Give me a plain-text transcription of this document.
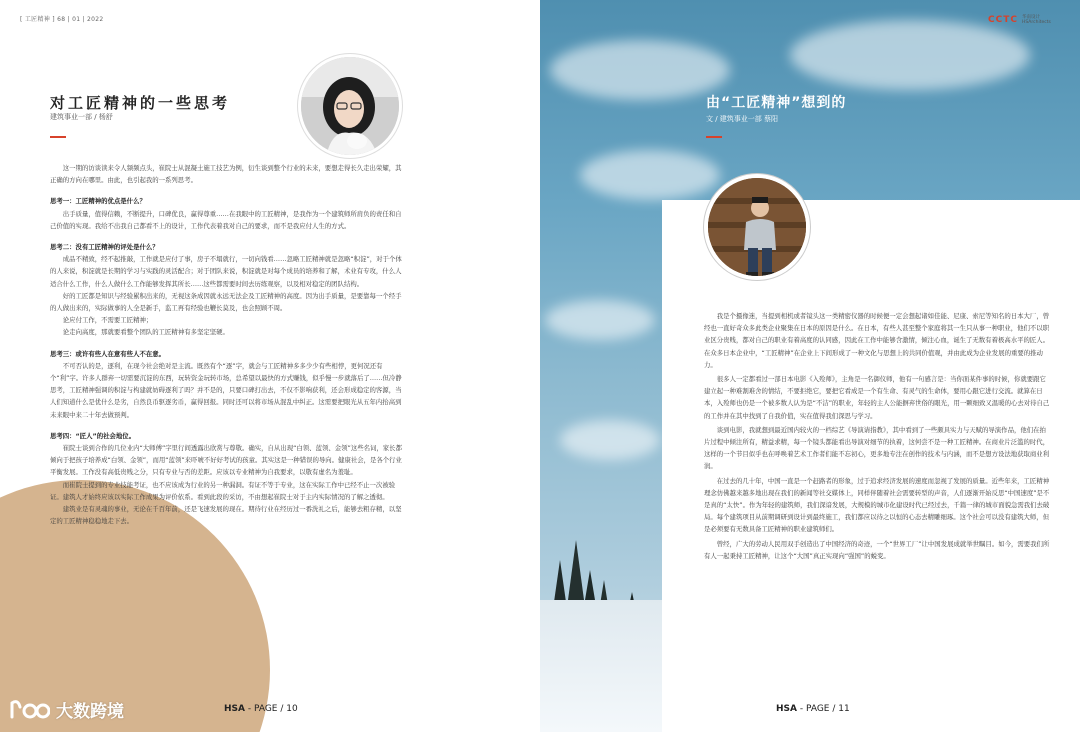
[ 工匠精神 ] 68 | 01 | 2022
对工匠精神的一些思考
建筑事业一部 / 杨舒

这一期的访谈读来令人频频点头，崔院士从混凝土施工技艺为例，衍生谈到整个行业的未来，要想走得长久走出荣耀，其正确的方向在哪里。由此，也引起我的一系列思考。

思考一：工匠精神的优点是什么？

出手质量，值得信赖，不断提升，口碑优良，赢得尊重……在我眼中的工匠精神，是我作为一个建筑师所肩负的责任和自己价值的实现。我给不出我自己都看不上的设计，工作代表着我对自己的要求，而不是我应付人生的方式。

思考二：没有工匠精神的评处是什么？

成品不精致，经不起推敲，工作就是应付了事，房子不塌就行，一切向钱看……忽略工匠精神就是忽略“积淀”，对于个体的人来说，积淀就是长期的学习与实践的灵活配合；对于团队来说，积淀就是对每个成员的培养和了解，术业有专攻，什么人适合什么工作，什么人做什么工作能够发挥其所长……这些都需要时间去历练观察，以及相对稳定的团队结构。

好的工匠都是知识与经验累积出来的，无视这条成因就永远无法企及工匠精神的高度。因为出手质量，是要靠每一个经手的人做出来的，实际做事的人全是新手，监工再有经验也鞭长莫及，也会照顾不周。

论应付工作，不需要工匠精神；

论走向高度，那就要看整个团队的工匠精神有多坚定坚硬。

思考三：或许有些人在意有些人不在意。

不可否认的是，逐利，在现今社会绝对是主流。既然有个“逐”字，就会与工匠精神多多少少有些相悖，更何况还有个“利”字。许多人群弃一切需要沉淀的东西，玩转资金玩转市场，总希望以最快的方式赚钱，似乎慢一步就落后了……但冷静思考，工匠精神强调的积淀与构建就妨碍逐利了吗？并不是的，只要口碑打出去，不仅不影响获利，还会形成稳定的客源，当人们知道什么是优什么是劣，自然良币驱逐劣币，赢得回报。同时还可以将市场从混乱中纠正。这需要把眼光从五年内抬高到未来眼中来二十年去做预判。

思考四：“匠人”的社会地位。

崔院士谈到合作的几位业内“大师傅”字里行间透露出欣赏与尊敬。确实，自从出现“白领、蓝领、金领”这些名词，家长都倾向于把孩子培养成“白领、金领”，而用“蓝领”来吓唬不好好考试的孩童。其实这是一种错误的导向。健康社会，是各个行业平衡发展。工作没有高低贵贱之分，只有专业与否的差距。应该以专业精神为自我要求，以敬有虚名为羞耻。

而崔院士提到的专业技能考证，也不应该成为行业的另一种漏洞。有证不等于专业，这在实际工作中已经不止一次被验证。建筑人才始终应该以实际工作成果为评价依系。看到此段的采访，不由想起崔院士对于主内实际情况的了解之透彻。

建筑业是有灵魂的事业，无论在千百年前，还是飞速发展的现在。期待行业在经历过一番洗礼之后，能够去粗存精，以坚定的工匠精神稳稳地走下去。

HSA - PAGE / 10
大数跨境
CCTC 华南设计
HSArchitects
由“工匠精神”想到的
文 / 建筑事业一部 蔡阳

我是个摄像迷，当提到相机或者镜头这一类精密仪器的时候便一定会想起诸如佳能、尼康、索尼等知名的日本大厂，曾经也一直好奇众多此类企业聚集在日本的原因是什么。在日本，有些人甚至整个家庭将其一生只从事一种职业，他们不以职业区分贵贱，都对自己的职业有着高度的认同感，因此在工作中能够含激情，倾注心血，诞生了无数有着极高水平的匠人。在众多日本企业中，“工匠精神”在企业上下间形成了一种文化与思想上的共同价值观，并由此成为企业发展的重要的推动力。

很多人一定都看过一部日本电影《入殓师》，主角是一名御仪师，他有一句感言是：当你面某件事的时候，你就要跟它建立起一种难割难舍的情结，不要拒绝它，要把它看成是一个有生命、有灵气的生命体，要用心跟它进行交流。就算在日本，入殓师也仍是一个被多数人认为是“不洁”的职业，年轻的主人公能摒弃世俗的眼光，用一颗细致又温暖的心去对待自己的工作并在其中找到了自我价值，实在值得我们深思与学习。

谈到电影，我就想到最近国内较火的一档综艺《导演请指教》，其中看到了一些颇具实力与天赋的导演作品，他们在拍片过程中倾注所有，精益求精，每一个镜头都能看出导演对细节的执着，这何尝不是一种工匠精神。在商业片泛滥的时代，这样的一个节目似乎也在呼唤着艺术工作者们能不忘初心，更多地专注在创作的技术与内涵，而不是想方设法地获取商业利润。

在过去的几十年，中国一直是一个赶路者的形象，过于追求经济发展的速度而忽视了发展的质量。近些年来，工匠精神理念仿佛越来越多地出现在我们的新闻等社交媒体上，同样伴随着社会需要转型的声音，人们逐渐开始反思“中国速度”是不是真的“太快”。作为年轻的建筑师，我们深谙发展，大规模的城市化建设时代已经过去，千篇一律的城市面貌急需我们去破局。每个建筑项目从前期调研到设计到最终施工，我们都应以待之以恒的心态去精雕细琢。这个社会可以没有建筑大师，但是必须要有无数具备工匠精神的职业建筑师们。

曾经，广大的劳动人民用双手创造出了中国经济的奇迹，一个“世界工厂”让中国发展成就举世瞩目。如今，需要我们所有人一起秉持工匠精神，让这个“大国”真正实现向“强国”的蜕变。

HSA - PAGE / 11
